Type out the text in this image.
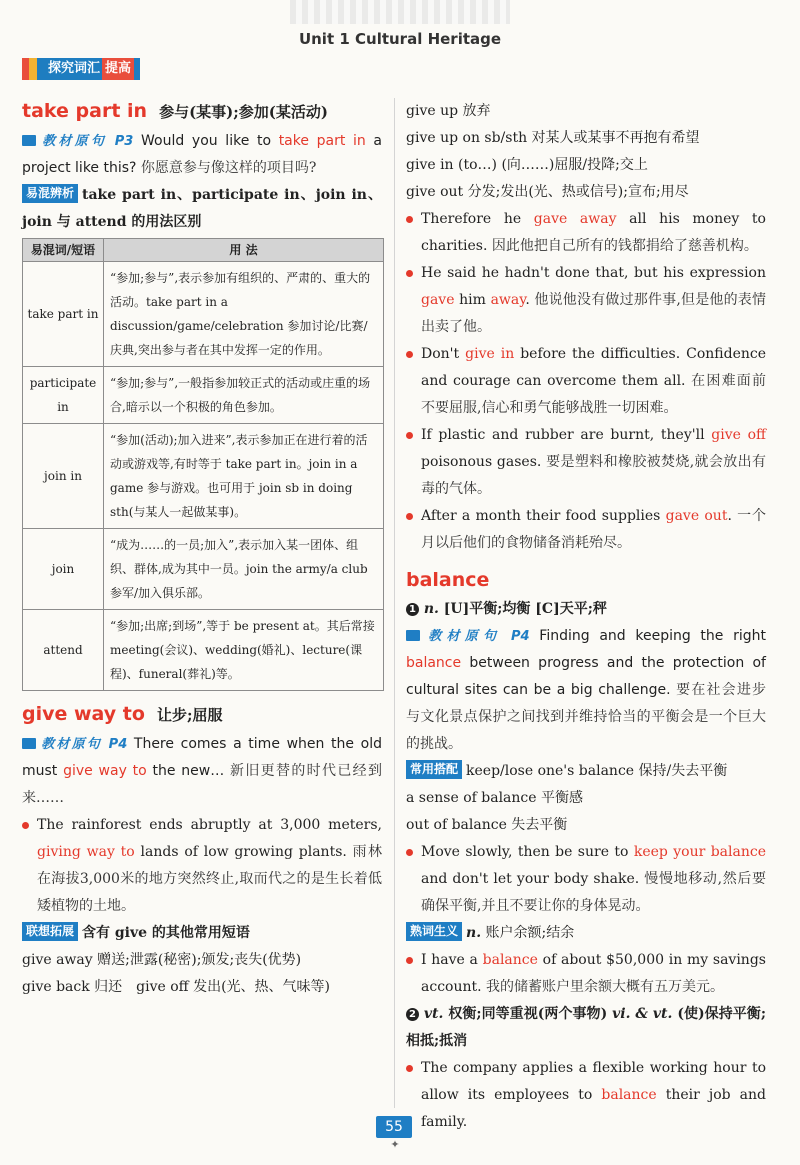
Unit 1 Cultural Heritage
探究词汇 提高
take part in 参与(某事);参加(某活动)

教材原句 P3 Would you like to take part in a project like this? 你愿意参与像这样的项目吗?

易混辨析 take part in、participate in、join in、join 与 attend 的用法区别

易混词/短语	用 法
take part in	“参加;参与”,表示参加有组织的、严肃的、重大的活动。take part in a discussion/game/celebration 参加讨论/比赛/庆典,突出参与者在其中发挥一定的作用。
participate in	“参加;参与”,一般指参加较正式的活动或庄重的场合,暗示以一个积极的角色参加。
join in	“参加(活动);加入进来”,表示参加正在进行着的活动或游戏等,有时等于 take part in。join in a game 参与游戏。也可用于 join sb in doing sth(与某人一起做某事)。
join	“成为……的一员;加入”,表示加入某一团体、组织、群体,成为其中一员。join the army/a club 参军/加入俱乐部。
attend	“参加;出席;到场”,等于 be present at。其后常接 meeting(会议)、wedding(婚礼)、lecture(课程)、funeral(葬礼)等。
give way to 让步;屈服

教材原句 P4 There comes a time when the old must give way to the new… 新旧更替的时代已经到来……

The rainforest ends abruptly at 3,000 meters, giving way to lands of low growing plants. 雨林在海拔3,000米的地方突然终止,取而代之的是生长着低矮植物的土地。

联想拓展 含有 give 的其他常用短语

give away 赠送;泄露(秘密);颁发;丧失(优势)

give back 归还　give off 发出(光、热、气味等)

give up 放弃

give up on sb/sth 对某人或某事不再抱有希望

give in (to…) (向……)屈服/投降;交上

give out 分发;发出(光、热或信号);宣布;用尽

Therefore he gave away all his money to charities. 因此他把自己所有的钱都捐给了慈善机构。
He said he hadn't done that, but his expression gave him away. 他说他没有做过那件事,但是他的表情出卖了他。
Don't give in before the difficulties. Confidence and courage can overcome them all. 在困难面前不要屈服,信心和勇气能够战胜一切困难。
If plastic and rubber are burnt, they'll give off poisonous gases. 要是塑料和橡胶被焚烧,就会放出有毒的气体。
After a month their food supplies gave out. 一个月以后他们的食物储备消耗殆尽。
balance

1 n. [U]平衡;均衡 [C]天平;秤

教材原句 P4 Finding and keeping the right balance between progress and the protection of cultural sites can be a big challenge. 要在社会进步与文化景点保护之间找到并维持恰当的平衡会是一个巨大的挑战。

常用搭配 keep/lose one's balance 保持/失去平衡

a sense of balance 平衡感

out of balance 失去平衡

Move slowly, then be sure to keep your balance and don't let your body shake. 慢慢地移动,然后要确保平衡,并且不要让你的身体晃动。

熟词生义 n. 账户余额;结余

I have a balance of about $50,000 in my savings account. 我的储蓄账户里余额大概有五万美元。

2 vt. 权衡;同等重视(两个事物) vi. & vt. (使)保持平衡;相抵;抵消

The company applies a flexible working hour to allow its employees to balance their job and family.
55
✦
